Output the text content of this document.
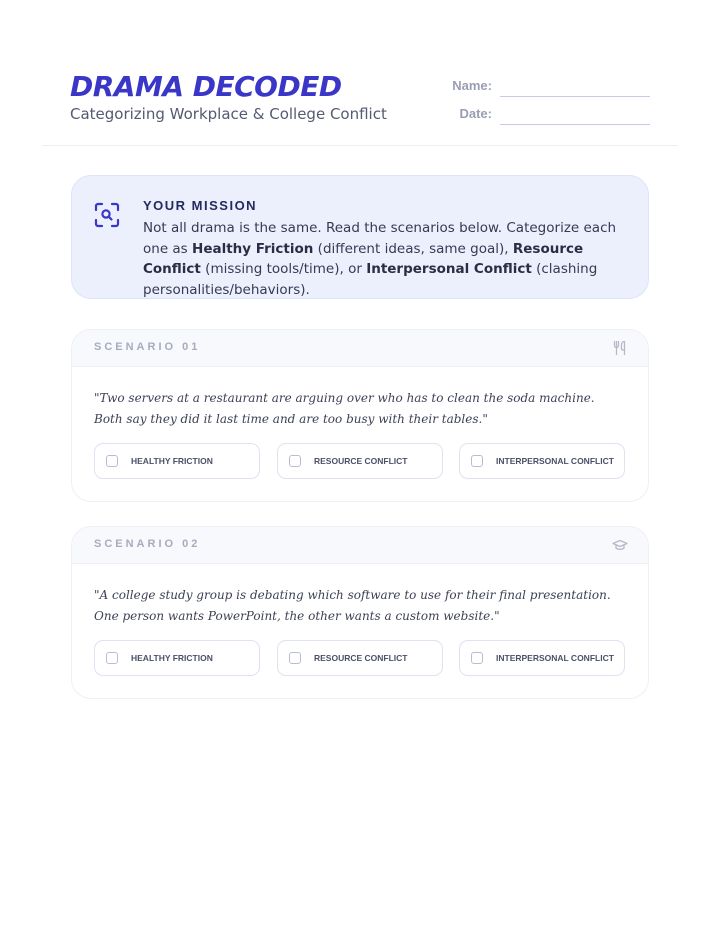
DRAMA DECODED
Categorizing Workplace & College Conflict
Name:
Date:
YOUR MISSION
Not all drama is the same. Read the scenarios below. Categorize each one as Healthy Friction (different ideas, same goal), Resource Conflict (missing tools/time), or Interpersonal Conflict (clashing personalities/behaviors).
SCENARIO 01
"Two servers at a restaurant are arguing over who has to clean the soda machine. Both say they did it last time and are too busy with their tables."
HEALTHY FRICTION	RESOURCE CONFLICT	INTERPERSONAL CONFLICT
SCENARIO 02
"A college study group is debating which software to use for their final presentation. One person wants PowerPoint, the other wants a custom website."
HEALTHY FRICTION	RESOURCE CONFLICT	INTERPERSONAL CONFLICT
